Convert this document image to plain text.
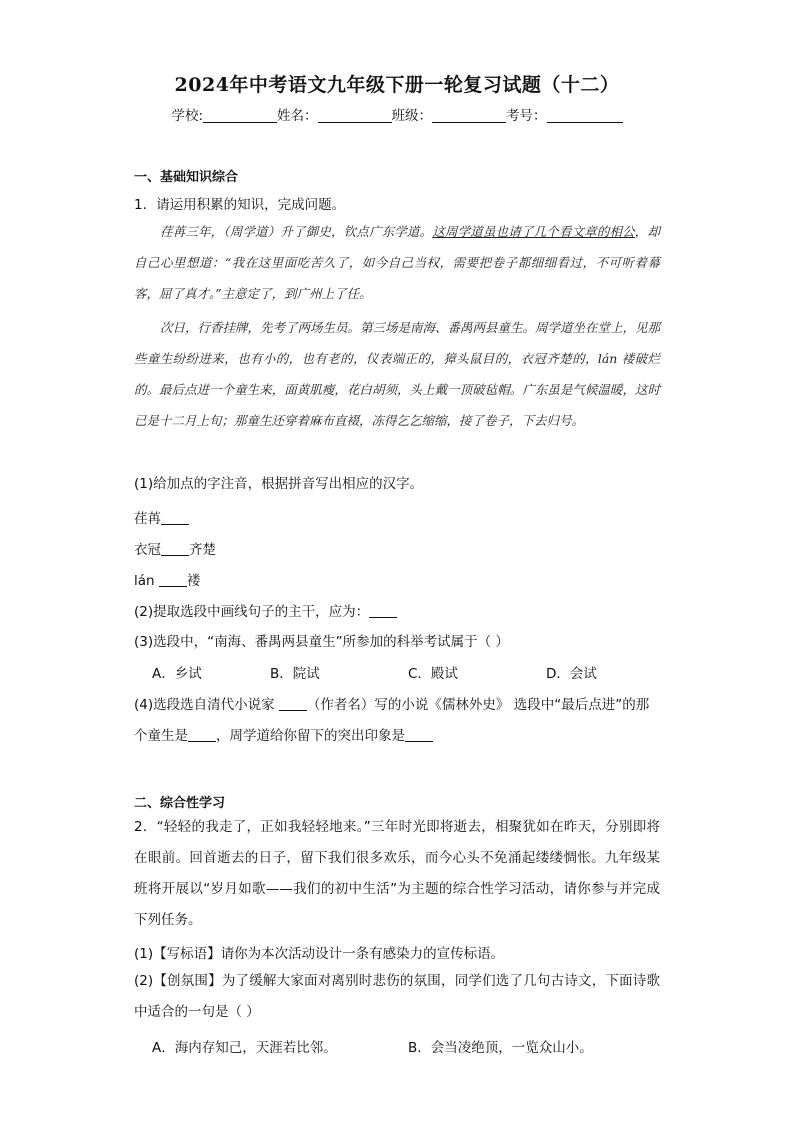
2024年中考语文九年级下册一轮复习试题（十二）
学校:	姓名：	班级：	考号：
一、基础知识综合
1．请运用积累的知识，完成问题。
荏苒三年，（周学道）升了御史，钦点广东学道。这周学道虽也请了几个看文章的相公，却自己心里想道：“我在这里面吃苦久了，如今自己当权，需要把卷子都细细看过，不可听着幕客，屈了真才。”主意定了，到广州上了任。
次日，行香挂牌，先考了两场生员。第三场是南海、番禺两县童生。周学道坐在堂上，见那些童生纷纷进来，也有小的，也有老的，仪表端正的，獐头鼠目的，衣冠齐楚的，lán 褛破烂的。最后点进一个童生来，面黄肌瘦，花白胡须，头上戴一顶破毡帽。广东虽是气候温暖，这时已是十二月上旬；那童生还穿着麻布直裰，冻得乞乞缩缩，接了卷子，下去归号。
(1)给加点的字注音，根据拼音写出相应的汉字。
荏苒
衣冠 齐楚
lán 褛
(2)提取选段中画线句子的主干，应为：
(3)选段中，“南海、番禺两县童生”所参加的科举考试属于（ ）
A．乡试	B．院试	C．殿试	D．会试
(4)选段选自清代小说家 （作者名）写的小说《儒林外史》 选段中“最后点进”的那
个童生是 ，周学道给你留下的突出印象是
二、综合性学习
2．“轻轻的我走了，正如我轻轻地来。”三年时光即将逝去，相聚犹如在昨天，分别即将在眼前。回首逝去的日子，留下我们很多欢乐，而今心头不免涌起缕缕惆怅。九年级某班将开展以“岁月如歌——我们的初中生活”为主题的综合性学习活动，请你参与并完成下列任务。
(1)【写标语】请你为本次活动设计一条有感染力的宣传标语。
(2)【创氛围】为了缓解大家面对离别时悲伤的氛围，同学们选了几句古诗文，下面诗歌中适合的一句是（ ）
A．海内存知己，天涯若比邻。	B．会当凌绝顶，一览众山小。
